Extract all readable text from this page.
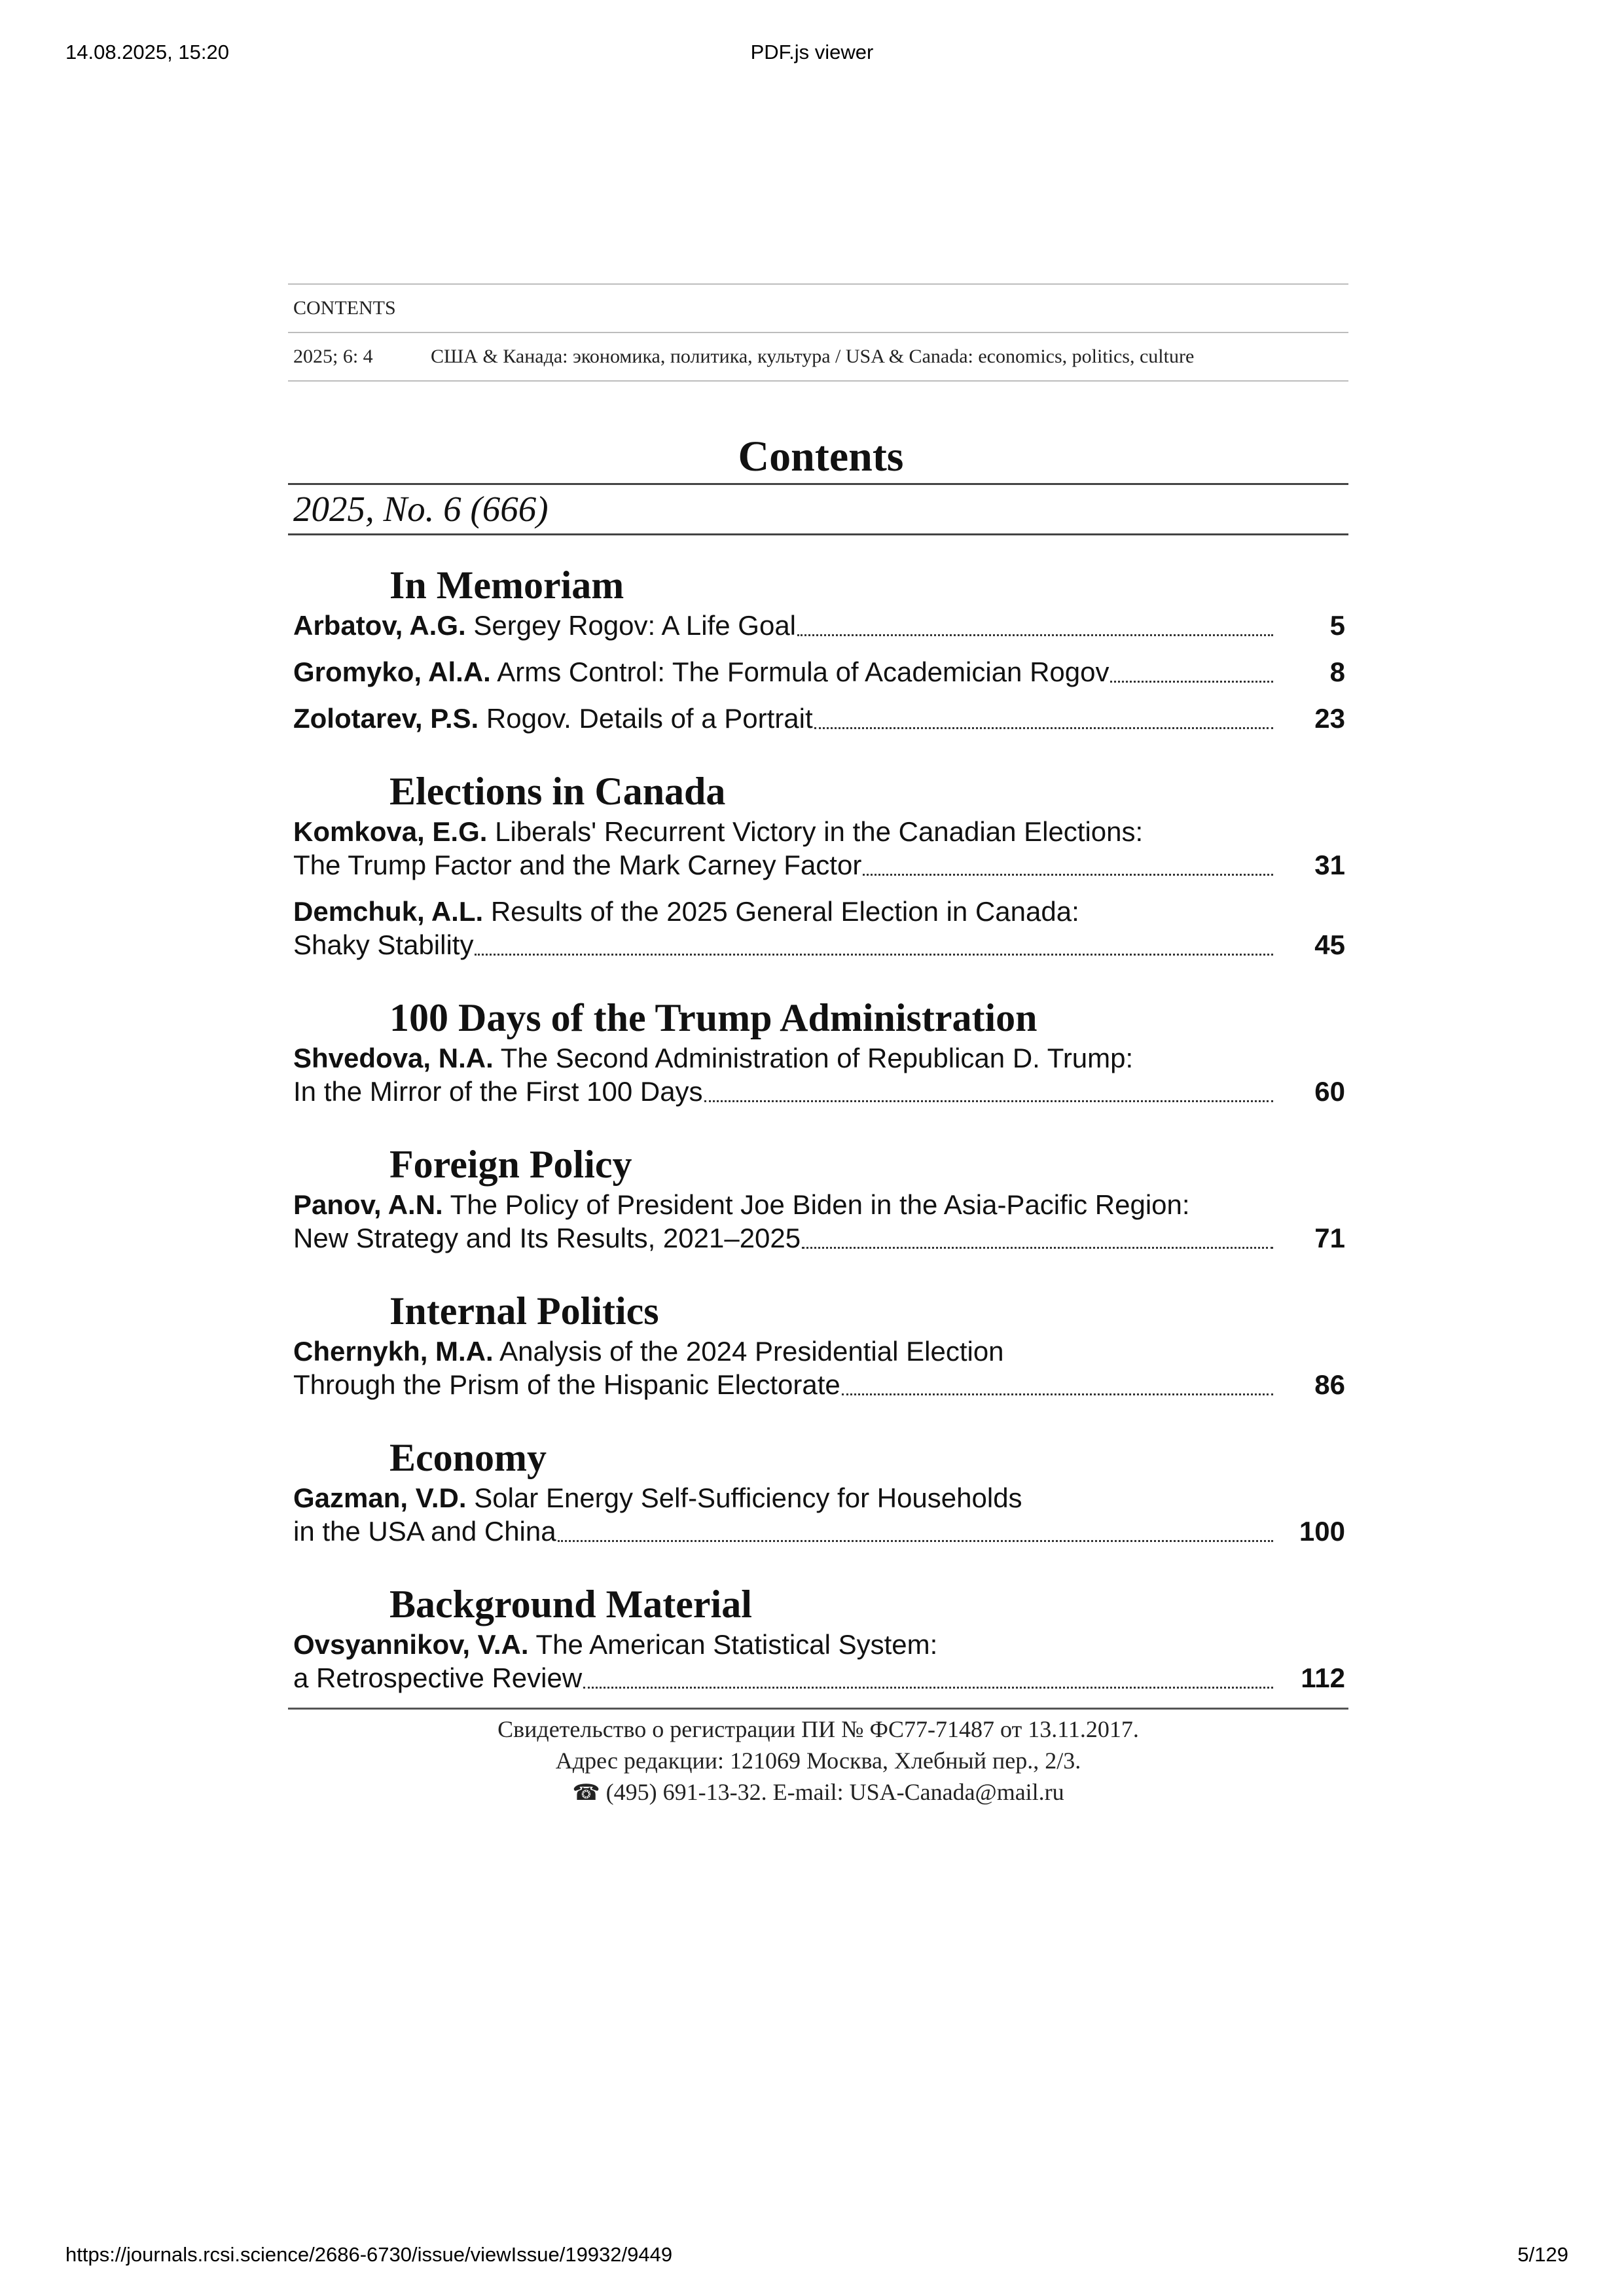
14.08.2025, 15:20	PDF.js viewer
CONTENTS
2025; 6: 4	США & Канада: экономика, политика, культура / USA & Canada: economics, politics, culture
Contents
2025, No. 6 (666)
In Memoriam
Arbatov, A.G. Sergey Rogov: A Life Goal	5
Gromyko, Al.A. Arms Control: The Formula of Academician Rogov	8
Zolotarev, P.S. Rogov. Details of a Portrait	23
Elections in Canada
Komkova, E.G. Liberals' Recurrent Victory in the Canadian Elections:
The Trump Factor and the Mark Carney Factor	31
Demchuk, A.L. Results of the 2025 General Election in Canada:
Shaky Stability	45
100 Days of the Trump Administration
Shvedova, N.A. The Second Administration of Republican D. Trump:
In the Mirror of the First 100 Days	60
Foreign Policy
Panov, A.N. The Policy of President Joe Biden in the Asia-Pacific Region:
New Strategy and Its Results, 2021–2025	71
Internal Politics
Chernykh, M.A. Analysis of the 2024 Presidential Election
Through the Prism of the Hispanic Electorate	86
Economy
Gazman, V.D. Solar Energy Self-Sufficiency for Households
in the USA and China	100
Background Material
Ovsyannikov, V.A. The American Statistical System:
a Retrospective Review	112
Свидетельство о регистрации ПИ № ФС77-71487 от 13.11.2017.
Адрес редакции: 121069 Москва, Хлебный пер., 2/3.
☎ (495) 691-13-32. E-mail: USA-Canada@mail.ru
https://journals.rcsi.science/2686-6730/issue/viewIssue/19932/9449	5/129
